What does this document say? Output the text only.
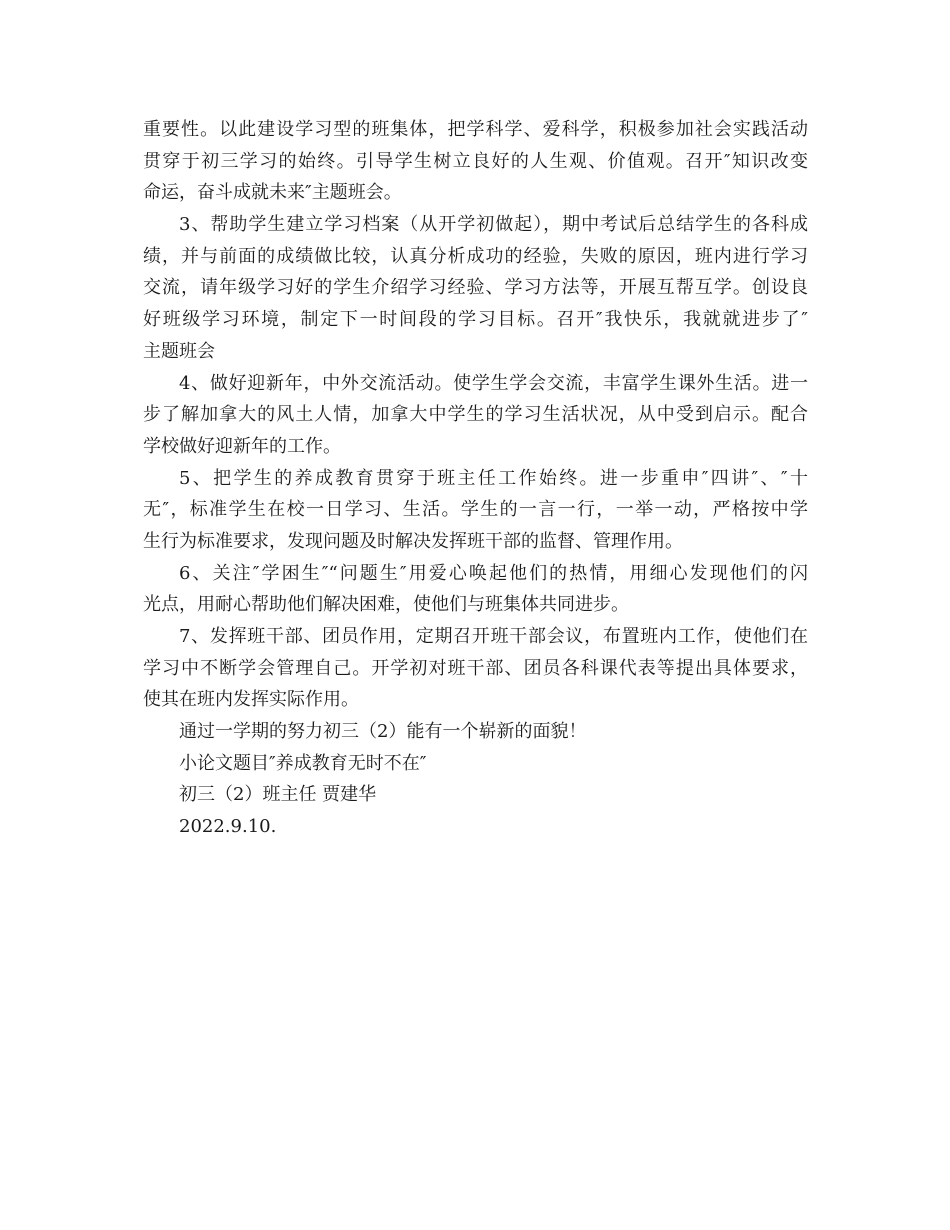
重要性。以此建设学习型的班集体，把学科学、爱科学，积极参加社会实践活动
贯穿于初三学习的始终。引导学生树立良好的人生观、价值观。召开″知识改变
命运，奋斗成就未来″主题班会。
3、帮助学生建立学习档案（从开学初做起），期中考试后总结学生的各科成
绩，并与前面的成绩做比较，认真分析成功的经验，失败的原因，班内进行学习
交流，请年级学习好的学生介绍学习经验、学习方法等，开展互帮互学。创设良
好班级学习环境，制定下一时间段的学习目标。召开″我快乐，我就就进步了″
主题班会
4、做好迎新年，中外交流活动。使学生学会交流，丰富学生课外生活。进一
步了解加拿大的风土人情，加拿大中学生的学习生活状况，从中受到启示。配合
学校做好迎新年的工作。
5、把学生的养成教育贯穿于班主任工作始终。进一步重申″四讲″、″十
无″，标准学生在校一日学习、生活。学生的一言一行，一举一动，严格按中学
生行为标准要求，发现问题及时解决发挥班干部的监督、管理作用。
6、关注″学困生″“问题生″用爱心唤起他们的热情，用细心发现他们的闪
光点，用耐心帮助他们解决困难，使他们与班集体共同进步。
7、发挥班干部、团员作用，定期召开班干部会议，布置班内工作，使他们在
学习中不断学会管理自己。开学初对班干部、团员各科课代表等提出具体要求，
使其在班内发挥实际作用。
通过一学期的努力初三（2）能有一个崭新的面貌！
小论文题目″养成教育无时不在″
初三（2）班主任 贾建华
2022.9.10.
